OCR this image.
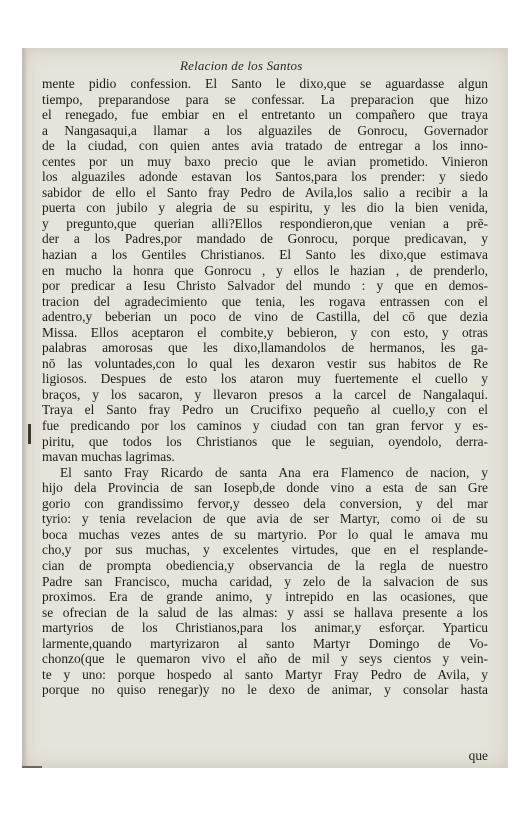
Relacion de los Santos
mente pidio confession. El Santo le dixo,que se aguardasse algun
tiempo, preparandose para se confessar. La preparacion que hizo
el renegado, fue embiar en el entretanto un compañero que traya
a Nangasaqui,a llamar a los alguaziles de Gonrocu, Governador
de la ciudad, con quien antes avia tratado de entregar a los inno-
centes por un muy baxo precio que le avian prometido. Vinieron
los alguaziles adonde estavan los Santos,para los prender: y siedo
sabidor de ello el Santo fray Pedro de Avila,los salio a recibir a la
puerta con jubilo y alegria de su espiritu, y les dio la bien venida,
y pregunto,que querian alli?Ellos respondieron,que venian a prē-
der a los Padres,por mandado de Gonrocu, porque predicavan, y
hazian a los Gentiles Christianos. El Santo les dixo,que estimava
en mucho la honra que Gonrocu , y ellos le hazian , de prenderlo,
por predicar a Iesu Christo Salvador del mundo : y que en demos-
tracion del agradecimiento que tenia, les rogava entrassen con el
adentro,y beberian un poco de vino de Castilla, del cō que dezia
Missa. Ellos aceptaron el combite,y bebieron, y con esto, y otras
palabras amorosas que les dixo,llamandolos de hermanos, les ga-
nō las voluntades,con lo qual les dexaron vestir sus habitos de Re
ligiosos. Despues de esto los ataron muy fuertemente el cuello y
braços, y los sacaron, y llevaron presos a la carcel de Nangalaqui.
Traya el Santo fray Pedro un Crucifixo pequeño al cuello,y con el
fue predicando por los caminos y ciudad con tan gran fervor y es-
piritu, que todos los Christianos que le seguian, oyendolo, derra-
mavan muchas lagrimas.
El santo Fray Ricardo de santa Ana era Flamenco de nacion, y
hijo dela Provincia de san Iosepb,de donde vino a esta de san Gre
gorio con grandissimo fervor,y desseo dela conversion, y del mar
tyrio: y tenia revelacion de que avia de ser Martyr, como oi de su
boca muchas vezes antes de su martyrio. Por lo qual le amava mu
cho,y por sus muchas, y excelentes virtudes, que en el resplande-
cian de prompta obediencia,y observancia de la regla de nuestro
Padre san Francisco, mucha caridad, y zelo de la salvacion de sus
proximos. Era de grande animo, y intrepido en las ocasiones, que
se ofrecian de la salud de las almas: y assi se hallava presente a los
martyrios de los Christianos,para los animar,y esforçar. Yparticu
larmente,quando martyrizaron al santo Martyr Domingo de Vo-
chonzo(que le quemaron vivo el año de mil y seys cientos y vein-
te y uno: porque hospedo al santo Martyr Fray Pedro de Avila, y
porque no quiso renegar)y no le dexo de animar, y consolar hasta
que
